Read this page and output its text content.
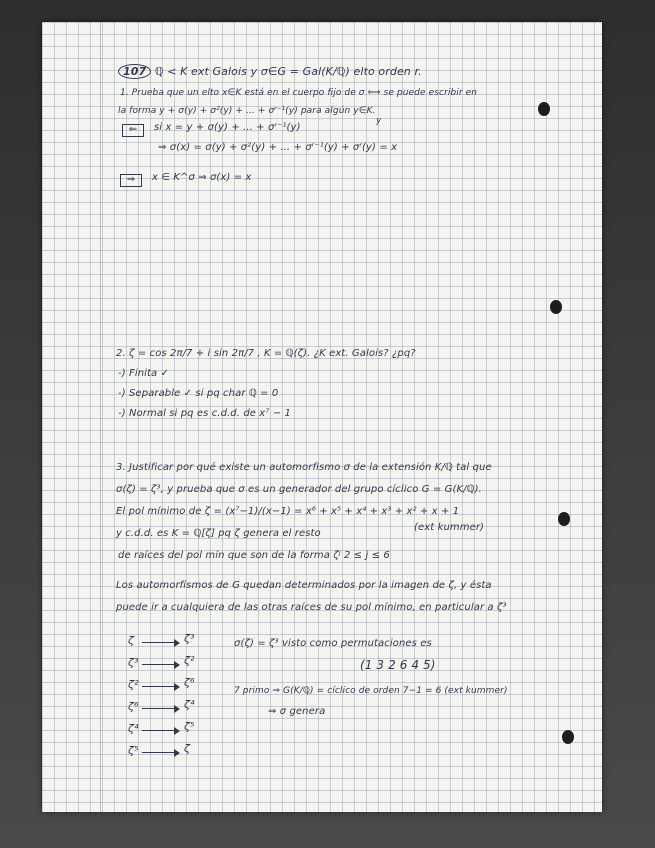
107 ℚ < K ext Galois y σ∈G = Gal(K/ℚ) elto orden r.

1. Prueba que un elto x∈K está en el cuerpo fijo de σ ⟺ se puede escribir en

la forma y + σ(y) + σ²(y) + ... + σʳ⁻¹(y) para algún y∈K.

⇐	si x = y + σ(y) + ... + σʳ⁻¹(y)

y

⇒ σ(x) = σ(y) + σ²(y) + ... + σʳ⁻¹(y) + σʳ(y) = x

⇒	x ∈ K^σ ⇒ σ(x) = x

2. ζ = cos 2π/7 + i sin 2π/7 , K = ℚ(ζ). ¿K ext. Galois? ¿pq?

-) Finita ✓

-) Separable ✓ si pq char ℚ = 0

-) Normal si pq es c.d.d. de x⁷ − 1

3. Justificar por qué existe un automorfismo σ de la extensión K/ℚ tal que

σ(ζ) = ζ³, y prueba que σ es un generador del grupo cíclico G = G(K/ℚ).

El pol mínimo de ζ = (x⁷−1)/(x−1) = x⁶ + x⁵ + x⁴ + x³ + x² + x + 1

y c.d.d. es K = ℚ[ζ] pq ζ genera el resto

(ext kummer)

de raíces del pol mín que son de la forma ζʲ 2 ≤ j ≤ 6

Los automorfismos de G quedan determinados por la imagen de ζ, y ésta

puede ir a cualquiera de las otras raíces de su pol mínimo, en particular a ζ³

ζ	ζ³

ζ³	ζ²

ζ²	ζ⁶

ζ⁶	ζ⁴

ζ⁴	ζ⁵

ζ⁵	ζ

σ(ζ) = ζ³ visto como permutaciones es

(1 3 2 6 4 5)

7 primo ⇒ G(K/ℚ) = cíclico de orden 7−1 = 6 (ext kummer)

⇒ σ genera
